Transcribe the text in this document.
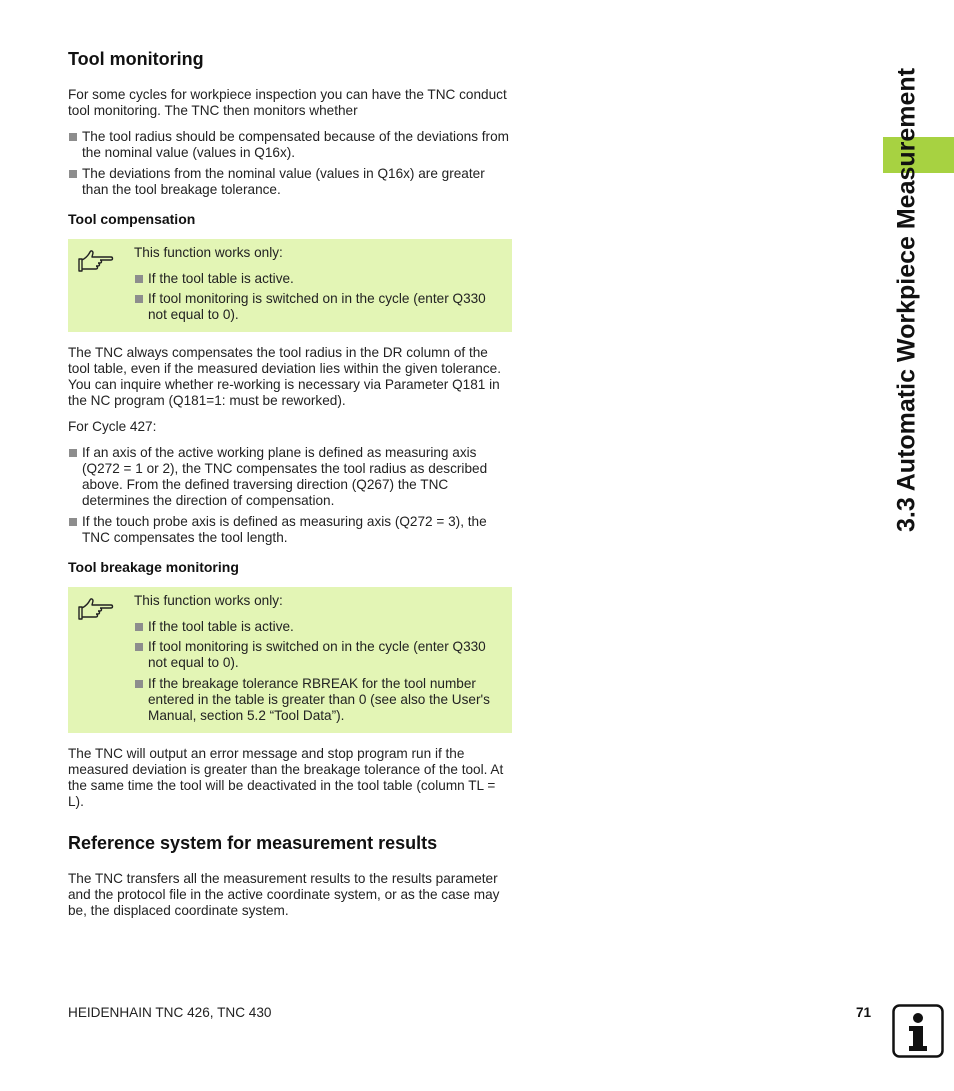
3.3 Automatic Workpiece Measurement
Tool monitoring

For some cycles for workpiece inspection you can have the TNC conduct tool monitoring. The TNC then monitors whether

The tool radius should be compensated because of the deviations from the nominal value (values in Q16x).
The deviations from the nominal value (values in Q16x) are greater than the tool breakage tolerance.
Tool compensation
This function works only:
If the tool table is active.
If tool monitoring is switched on in the cycle (enter Q330 not equal to 0).

The TNC always compensates the tool radius in the DR column of the tool table, even if the measured deviation lies within the given tolerance. You can inquire whether re-working is necessary via Parameter Q181 in the NC program (Q181=1: must be reworked).

For Cycle 427:

If an axis of the active working plane is defined as measuring axis (Q272 = 1 or 2), the TNC compensates the tool radius as described above. From the defined traversing direction (Q267) the TNC determines the direction of compensation.
If the touch probe axis is defined as measuring axis (Q272 = 3), the TNC compensates the tool length.
Tool breakage monitoring
This function works only:
If the tool table is active.
If tool monitoring is switched on in the cycle (enter Q330 not equal to 0).
If the breakage tolerance RBREAK for the tool number entered in the table is greater than 0 (see also the User's Manual, section 5.2 “Tool Data”).

The TNC will output an error message and stop program run if the measured deviation is greater than the breakage tolerance of the tool. At the same time the tool will be deactivated in the tool table (column TL = L).

Reference system for measurement results

The TNC transfers all the measurement results to the results parameter and the protocol file in the active coordinate system, or as the case may be, the displaced coordinate system.

HEIDENHAIN TNC 426, TNC 430	71
